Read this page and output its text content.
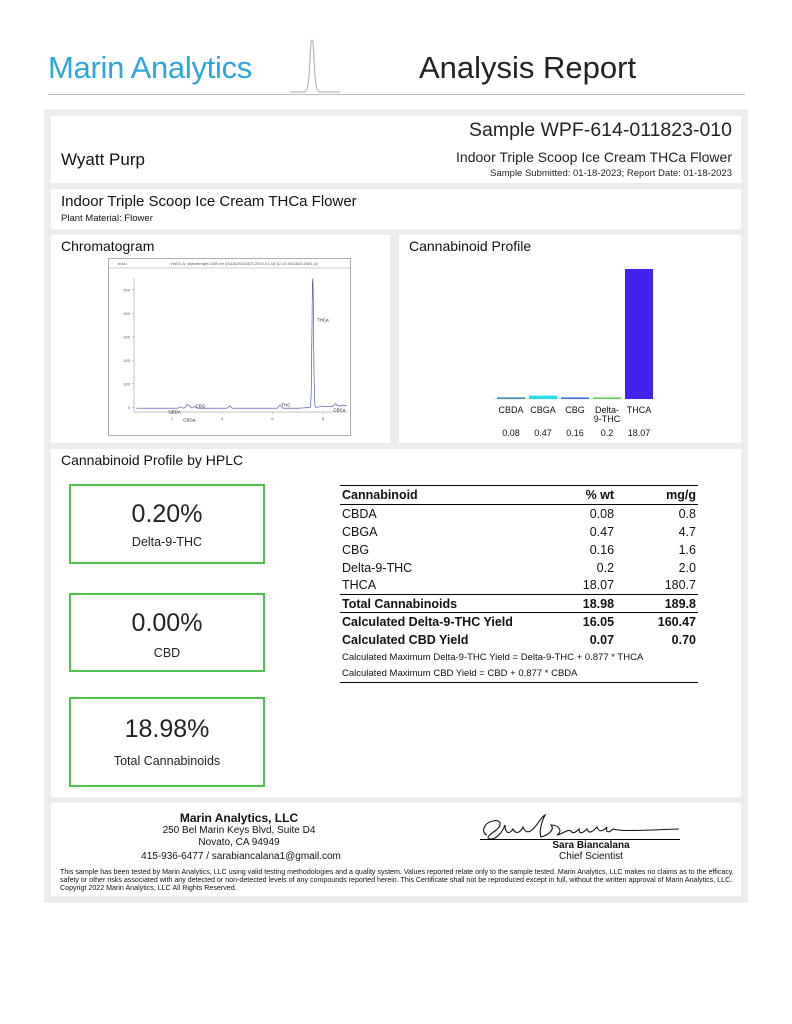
Marin Analytics	Analysis Report
Sample WPF-614-011823-010
Wyatt Purp	Indoor Triple Scoop Ice Cream THCa Flower
Sample Submitted: 01-18-2023; Report Date: 01-18-2023
Indoor Triple Scoop Ice Cream THCa Flower
Plant Material: Flower
Chromatogram
mAU	VWD1 A, Wavelength=228 nm (011823\011823 2023-01-18 12-10-0\01823-0461.D)
500
400
300
200
100
0
2	4	6	8
CBDA
CBG
CBGa
THC
THCa
CBCa
Cannabinoid Profile
CBDA
0.08
CBGA
0.47
CBG
0.16
Delta-
9-THC
0.2
THCA
18.07
Cannabinoid Profile by HPLC
0.20%
Delta-9-THC
0.00%
CBD
18.98%
Total Cannabinoids
Cannabinoid	% wt	mg/g
CBDA	0.08	0.8
CBGA	0.47	4.7
CBG	0.16	1.6
Delta-9-THC	0.2	2.0
THCA	18.07	180.7
Total Cannabinoids	18.98	189.8
Calculated Delta-9-THC Yield	16.05	160.47
Calculated CBD Yield	0.07	0.70
Calculated Maximum Delta-9-THC Yield = Delta-9-THC + 0.877 * THCA		
Calculated Maximum CBD Yield = CBD + 0.877 * CBDA		
Marin Analytics, LLC
250 Bel Marin Keys Blvd, Suite D4
Novato, CA 94949
415-936-6477 / sarabiancalana1@gmail.com
Sara Biancalana
Chief Scientist
This sample has been tested by Marin Analytics, LLC using valid testing methodologies and a quality system. Values reported relate only to the sample tested. Marin Analytics, LLC makes no claims as to the efficacy, safety or other risks associated with any detected or non-detected levels of any compounds reported herein. This Certificate shall not be reproduced except in full, without the written approval of Marin Analytics, LLC. Copyrigt 2022 Marin Analytics, LLC All Rights Reserved.
